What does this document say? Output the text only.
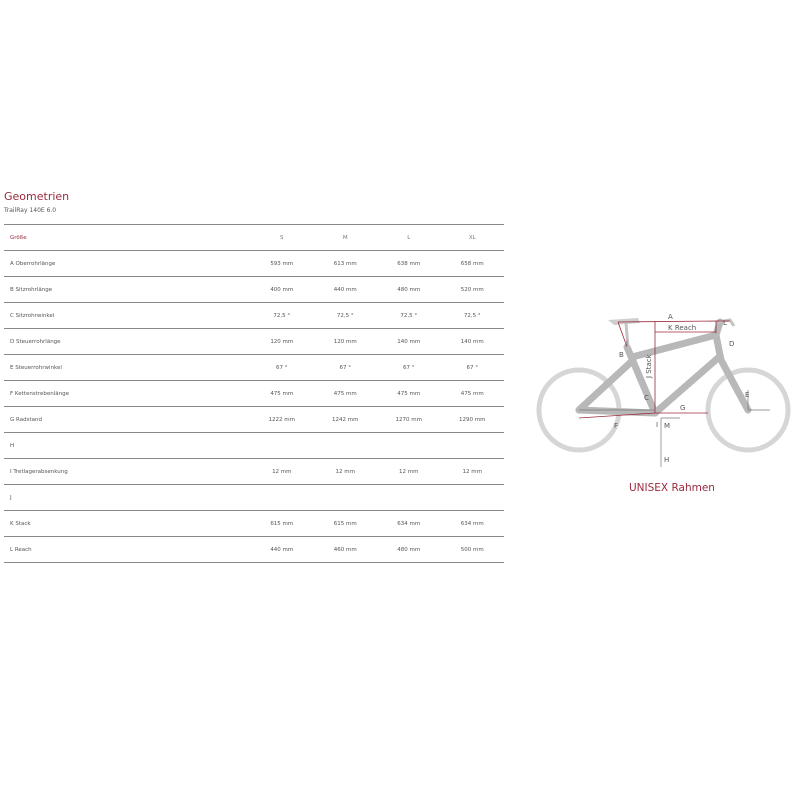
Geometrien
TrailRay 140E 6.0
Größe	S	M	L	XL
A Oberrohrlänge	593 mm	613 mm	638 mm	658 mm
B Sitzrohrlänge	400 mm	440 mm	480 mm	520 mm
C Sitzrohrwinkel	72,5 °	72,5 °	72,5 °	72,5 °
D Steuerrohrlänge	120 mm	120 mm	140 mm	140 mm
E Steuerrohrwinkel	67 °	67 °	67 °	67 °
F Kettenstrebenlänge	475 mm	475 mm	475 mm	475 mm
G Radstand	1222 mm	1242 mm	1270 mm	1290 mm
H				
I Tretlagerabsenkung	12 mm	12 mm	12 mm	12 mm
J				
K Stack	615 mm	615 mm	634 mm	634 mm
L Reach	440 mm	460 mm	480 mm	500 mm
A
K Reach
L
B	J Stack
D
C
G
E
F	I M
H
UNISEX Rahmen
